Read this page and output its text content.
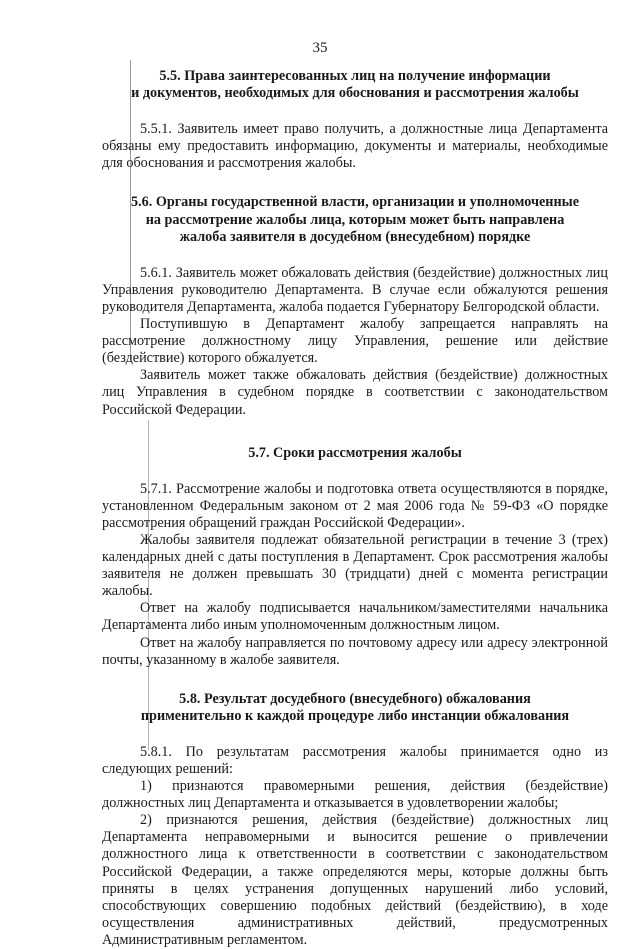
35
5.5. Права заинтересованных лиц на получение информации
и документов, необходимых для обоснования и рассмотрения жалобы

5.5.1. Заявитель имеет право получить, а должностные лица Департамента обязаны ему предоставить информацию, документы и материалы, необходимые для обоснования и рассмотрения жалобы.

5.6. Органы государственной власти, организации и уполномоченные
на рассмотрение жалобы лица, которым может быть направлена
жалоба заявителя в досудебном (внесудебном) порядке

5.6.1. Заявитель может обжаловать действия (бездействие) должностных лиц Управления руководителю Департамента. В случае если обжалуются решения руководителя Департамента, жалоба подается Губернатору Белгородской области.

Поступившую в Департамент жалобу запрещается направлять на рассмотрение должностному лицу Управления, решение или действие (бездействие) которого обжалуется.

Заявитель может также обжаловать действия (бездействие) должностных лиц Управления в судебном порядке в соответствии с законодательством Российской Федерации.

5.7. Сроки рассмотрения жалобы

5.7.1. Рассмотрение жалобы и подготовка ответа осуществляются в порядке, установленном Федеральным законом от 2 мая 2006 года № 59-ФЗ «О порядке рассмотрения обращений граждан Российской Федерации».

Жалобы заявителя подлежат обязательной регистрации в течение 3 (трех) календарных дней с даты поступления в Департамент. Срок рассмотрения жалобы заявителя не должен превышать 30 (тридцати) дней с момента регистрации жалобы.

Ответ на жалобу подписывается начальником/заместителями начальника Департамента либо иным уполномоченным должностным лицом.

Ответ на жалобу направляется по почтовому адресу или адресу электронной почты, указанному в жалобе заявителя.

5.8. Результат досудебного (внесудебного) обжалования
применительно к каждой процедуре либо инстанции обжалования

5.8.1. По результатам рассмотрения жалобы принимается одно из следующих решений:

1) признаются правомерными решения, действия (бездействие) должностных лиц Департамента и отказывается в удовлетворении жалобы;

2) признаются решения, действия (бездействие) должностных лиц Департамента неправомерными и выносится решение о привлечении должностного лица к ответственности в соответствии с законодательством Российской Федерации, а также определяются меры, которые должны быть приняты в целях устранения допущенных нарушений либо условий, способствующих совершению подобных действий (бездействию), в ходе осуществления административных действий, предусмотренных Административным регламентом.
